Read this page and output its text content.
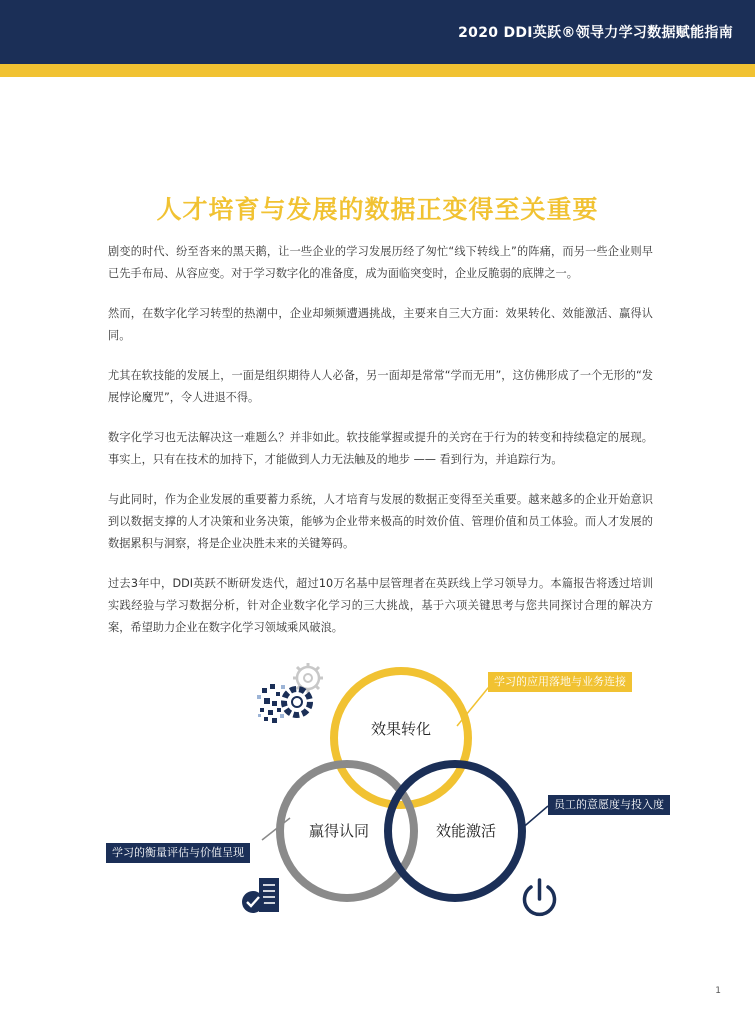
2020 DDI英跃®领导力学习数据赋能指南
人才培育与发展的数据正变得至关重要

剧变的时代、纷至沓来的黑天鹅，让一些企业的学习发展历经了匆忙“线下转线上”的阵痛，而另一些企业则早已先手布局、从容应变。对于学习数字化的准备度，成为面临突变时，企业反脆弱的底牌之一。

然而，在数字化学习转型的热潮中，企业却频频遭遇挑战，主要来自三大方面：效果转化、效能激活、赢得认同。

尤其在软技能的发展上，一面是组织期待人人必备，另一面却是常常“学而无用”，这仿佛形成了一个无形的“发展悖论魔咒”，令人进退不得。

数字化学习也无法解决这一难题么？并非如此。软技能掌握或提升的关窍在于行为的转变和持续稳定的展现。事实上，只有在技术的加持下，才能做到人力无法触及的地步 —— 看到行为，并追踪行为。

与此同时，作为企业发展的重要蓄力系统，人才培育与发展的数据正变得至关重要。越来越多的企业开始意识到以数据支撑的人才决策和业务决策，能够为企业带来极高的时效价值、管理价值和员工体验。而人才发展的数据累积与洞察，将是企业决胜未来的关键筹码。

过去3年中，DDI英跃不断研发迭代，超过10万名基中层管理者在英跃线上学习领导力。本篇报告将透过培训实践经验与学习数据分析，针对企业数字化学习的三大挑战，基于六项关键思考与您共同探讨合理的解决方案，希望助力企业在数字化学习领域乘风破浪。

效果转化
赢得认同	效能激活
学习的应用落地与业务连接
员工的意愿度与投入度
学习的衡量评估与价值呈现
1
